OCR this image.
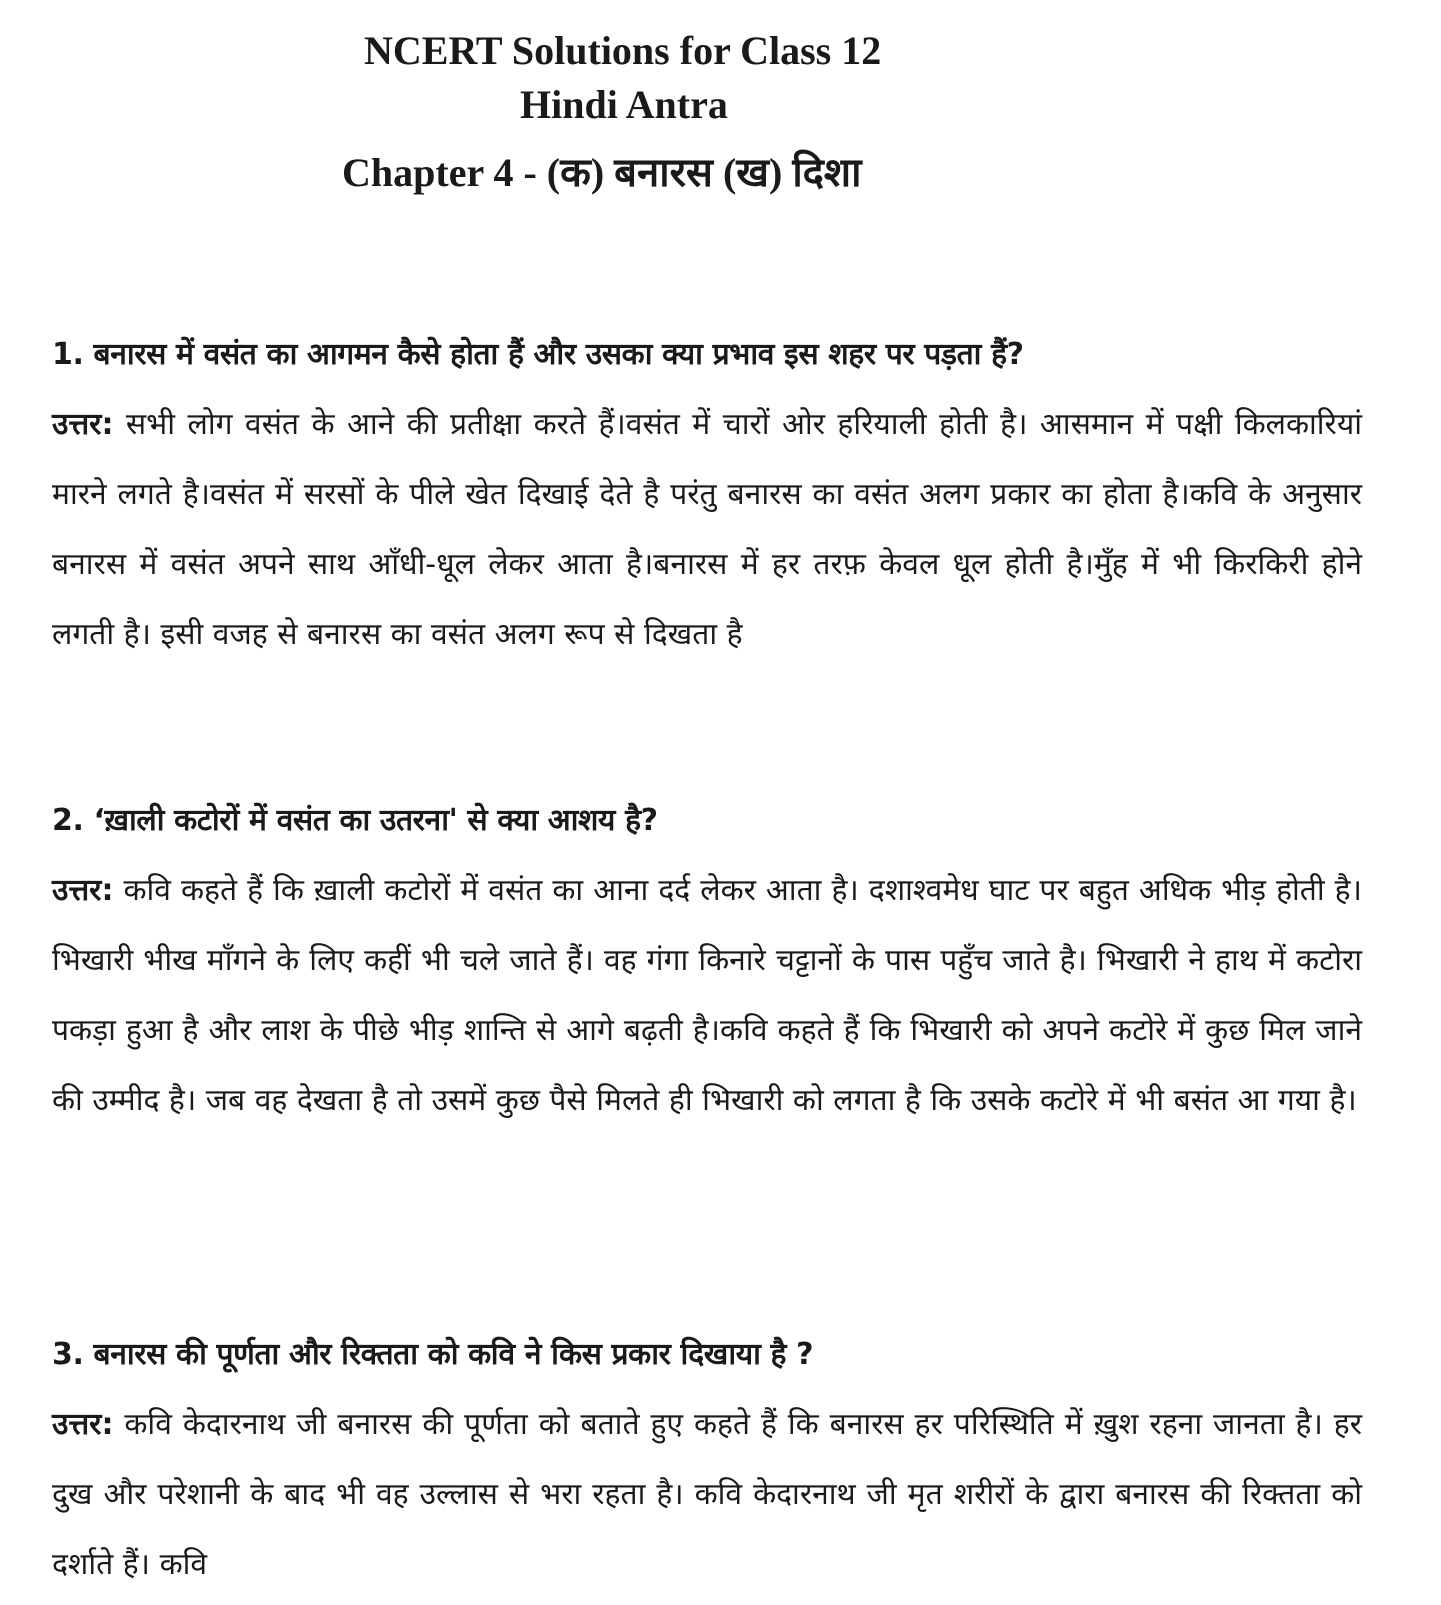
NCERT Solutions for Class 12
Hindi Antra
Chapter 4 - (क) बनारस (ख) दिशा
1. बनारस में वसंत का आगमन कैसे होता हैं और उसका क्या प्रभाव इस शहर पर पड़ता हैं?
उत्तर: सभी लोग वसंत के आने की प्रतीक्षा करते हैं।वसंत में चारों ओर हरियाली होती है। आसमान में पक्षी किलकारियां मारने लगते है।वसंत में सरसों के पीले खेत दिखाई देते है परंतु बनारस का वसंत अलग प्रकार का होता है।कवि के अनुसार बनारस में वसंत अपने साथ आँधी-धूल लेकर आता है।बनारस में हर तरफ़ केवल धूल होती है।मुँह में भी किरकिरी होने लगती है। इसी वजह से बनारस का वसंत अलग रूप से दिखता है
2. ‘ख़ाली कटोरों में वसंत का उतरना' से क्या आशय है?
उत्तर: कवि कहते हैं कि ख़ाली कटोरों में वसंत का आना दर्द लेकर आता है। दशाश्वमेध घाट पर बहुत अधिक भीड़ होती है। भिखारी भीख माँगने के लिए कहीं भी चले जाते हैं। वह गंगा किनारे चट्टानों के पास पहुँच जाते है। भिखारी ने हाथ में कटोरा पकड़ा हुआ है और लाश के पीछे भीड़ शान्ति से आगे बढ़ती है।कवि कहते हैं कि भिखारी को अपने कटोरे में कुछ मिल जाने की उम्मीद है। जब वह देखता है तो उसमें कुछ पैसे मिलते ही भिखारी को लगता है कि उसके कटोरे में भी बसंत आ गया है।
3. बनारस की पूर्णता और रिक्तता को कवि ने किस प्रकार दिखाया है ?
उत्तर: कवि केदारनाथ जी बनारस की पूर्णता को बताते हुए कहते हैं कि बनारस हर परिस्थिति में ख़ुश रहना जानता है। हर दुख और परेशानी के बाद भी वह उल्लास से भरा रहता है। कवि केदारनाथ जी मृत शरीरों के द्वारा बनारस की रिक्तता को दर्शाते हैं। कवि
